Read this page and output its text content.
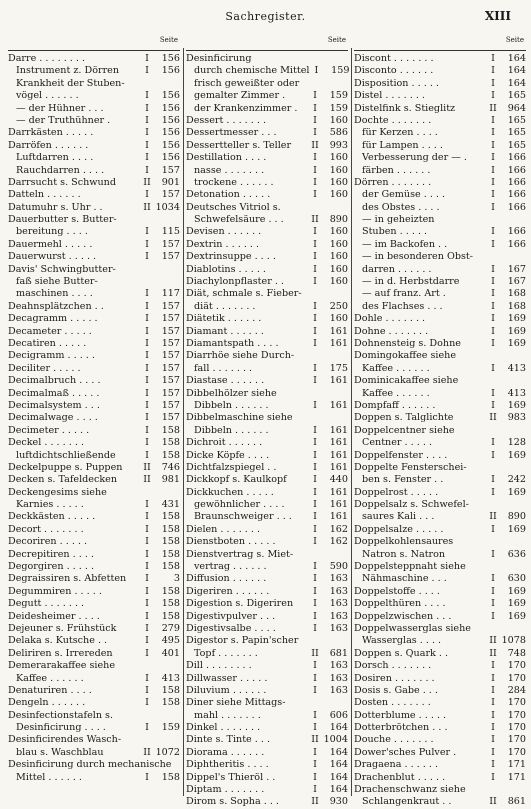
Sachregister.	XIII
Seite
Darre . . . . . . . .	I	156
Instrument z. Dörren	I	156
Krankheit der Stuben-
vögel . . . . . .	I	156
— der Hühner . . .	I	156
— der Truthühner .	I	156
Darrkästen . . . . .	I	156
Darröfen . . . . . .	I	156
Luftdarren . . . .	I	156
Rauchdarren . . . .	I	157
Darrsucht s. Schwund	II	901
Datteln . . . . . .	I	157
Datumuhr s. Uhr . .	II 1034
Dauerbutter s. Butter-
bereitung . . . .	I	115
Dauermehl . . . . .	I	157
Dauerwurst . . . . .	I	157
Davis' Schwingbutter-
faß siehe Butter-
maschinen . . . .	I	117
Deahnsplätzchen . .	I	157
Decagramm . . . . .	I	157
Decameter . . . . .	I	157
Decatiren . . . . .	I	157
Decigramm . . . . .	I	157
Deciliter . . . . .	I	157
Decimalbruch . . . .	I	157
Decimalmaß . . . . .	I	157
Decimalsystem . . .	I	157
Decimalwage . . . .	I	157
Decimeter . . . . .	I	158
Deckel . . . . . . .	I	158
luftdichtschließende	I	158
Deckelpuppe s. Puppen	II	746
Decken s. Tafeldecken	II	981
Deckengesims siehe
Karnies . . . . .	I	431
Deckkästen . . . . .	I	158
Decort . . . . . . .	I	158
Decoriren . . . . .	I	158
Decrepitiren . . . .	I	158
Degorgiren . . . . .	I	158
Degraissiren s. Abfetten	I	3
Degummiren . . . . .	I	158
Degutt . . . . . . .	I	158
Deidesheimer . . . .	I	158
Dejeuner s. Frühstück	I	279
Delaka s. Kutsche . .	I	495
Deliriren s. Irrereden	I	401
Demerarakaffee siehe
Kaffee . . . . . .	I	413
Denaturiren . . . .	I	158
Dengeln . . . . . .	I	158
Desinfectionstafeln s.
Desinficirung . . . .	I	159
Desinficirendes Wasch-
blau s. Waschblau	II 1072
Desinficirung durch mechanische
Mittel . . . . . .	I	158
Seite
Desinficirung
durch chemische Mittel I	159
frisch geweißter oder
gemalter Zimmer .	I	159
der Krankenzimmer .	I	159
Dessert . . . . . . .	I	160
Dessertmesser . . .	I	586
Dessertteller s. Teller	II	993
Destillation . . . .	I	160
nasse . . . . . . .	I	160
trockene . . . . . .	I	160
Detonation . . . . .	I	160
Deutsches Vitriol s.
Schwefelsäure . . .	II	890
Devisen . . . . . .	I	160
Dextrin . . . . . .	I	160
Dextrinsuppe . . . .	I	160
Diablotins . . . . .	I	160
Diachylonpflaster . .	I	160
Diät, schmale s. Fieber-
diät . . . . . . .	I	250
Diätetik . . . . . .	I	160
Diamant . . . . . .	I	161
Diamantspath . . . .	I	161
Diarrhöe siehe Durch-
fall . . . . . . .	I	175
Diastase . . . . . .	I	161
Dibbelhölzer siehe
Dibbeln . . . . . .	I	161
Dibbelmaschine siehe
Dibbeln . . . . . .	I	161
Dichroit . . . . . .	I	161
Dicke Köpfe . . . .	I	161
Dichtfalzspiegel . .	I	161
Dickkopf s. Kaulkopf	I	440
Dickkuchen . . . . .	I	161
gewöhnlicher . . . .	I	161
Braunschweiger . . .	I	161
Dielen . . . . . . .	I	162
Dienstboten . . . . .	I	162
Dienstvertrag s. Miet-
vertrag . . . . . .	I	590
Diffusion . . . . . .	I	163
Digeriren . . . . . .	I	163
Digestion s. Digeriren	I	163
Digestivpulver . . .	I	163
Digestivsalbe . . . .	I	163
Digestor s. Papin'scher
Topf . . . . . . .	II	681
Dill . . . . . . . .	I	163
Dillwasser . . . . .	I	163
Diluvium . . . . . .	I	163
Diner siehe Mittags-
mahl . . . . . . .	I	606
Dinkel . . . . . . .	I	164
Dinte s. Tinte . . .	II 1004
Diorama . . . . . .	I	164
Diphtheritis . . . .	I	164
Dippel's Thieröl . .	I	164
Diptam . . . . . . .	I	164
Dirom s. Sopha . . .	II	930
Seite
Discont . . . . . . .	I	164
Disconto . . . . . .	I	164
Disposition . . . . .	I	164
Distel . . . . . . .	I	165
Distelfink s. Stieglitz	II	964
Dochte . . . . . . .	I	165
für Kerzen . . . .	I	165
für Lampen . . . .	I	165
Verbesserung der — .	I	166
färben . . . . . .	I	166
Dörren . . . . . . .	I	166
der Gemüse . . . .	I	166
des Obstes . . . .	I	166
— in geheizten
Stuben . . . . .	I	166
— im Backofen . .	I	166
— in besonderen Obst-
darren . . . . . .	I	167
— in d. Herbstdarre	I	167
— auf franz. Art .	I	168
des Flachses . . .	I	168
Dohle . . . . . . .	I	169
Dohne . . . . . . .	I	169
Dohnensteig s. Dohne	I	169
Domingokaffee siehe
Kaffee . . . . . .	I	413
Dominicakaffee siehe
Kaffee . . . . . .	I	413
Dompfaff . . . . . .	I	169
Doppen s. Talglichte	II	983
Doppelcentner siehe
Centner . . . . .	I	128
Doppelfenster . . . .	I	169
Doppelte Fensterschei-
ben s. Fenster . .	I	242
Doppelrost . . . . .	I	169
Doppelsalz s. Schwefel-
saures Kali . . .	II	890
Doppelsalze . . . . .	I	169
Doppelkohlensaures
Natron s. Natron	I	636
Doppelsteppnaht siehe
Nähmaschine . . .	I	630
Doppelstoffe . . . .	I	169
Doppelthüren . . . .	I	169
Doppelzwischen . . .	I	169
Doppelwasserglas siehe
Wasserglas . . . .	II 1078
Doppen s. Quark . .	II	748
Dorsch . . . . . . .	I	170
Dosiren . . . . . . .	I	170
Dosis s. Gabe . . .	I	284
Dosten . . . . . . .	I	170
Dotterblume . . . . .	I	170
Dotterbrötchen . . .	I	170
Douche . . . . . . .	I	170
Dower'sches Pulver .	I	170
Dragaena . . . . . .	I	171
Drachenblut . . . . .	I	171
Drachenschwanz siehe
Schlangenkraut . .	II	861
